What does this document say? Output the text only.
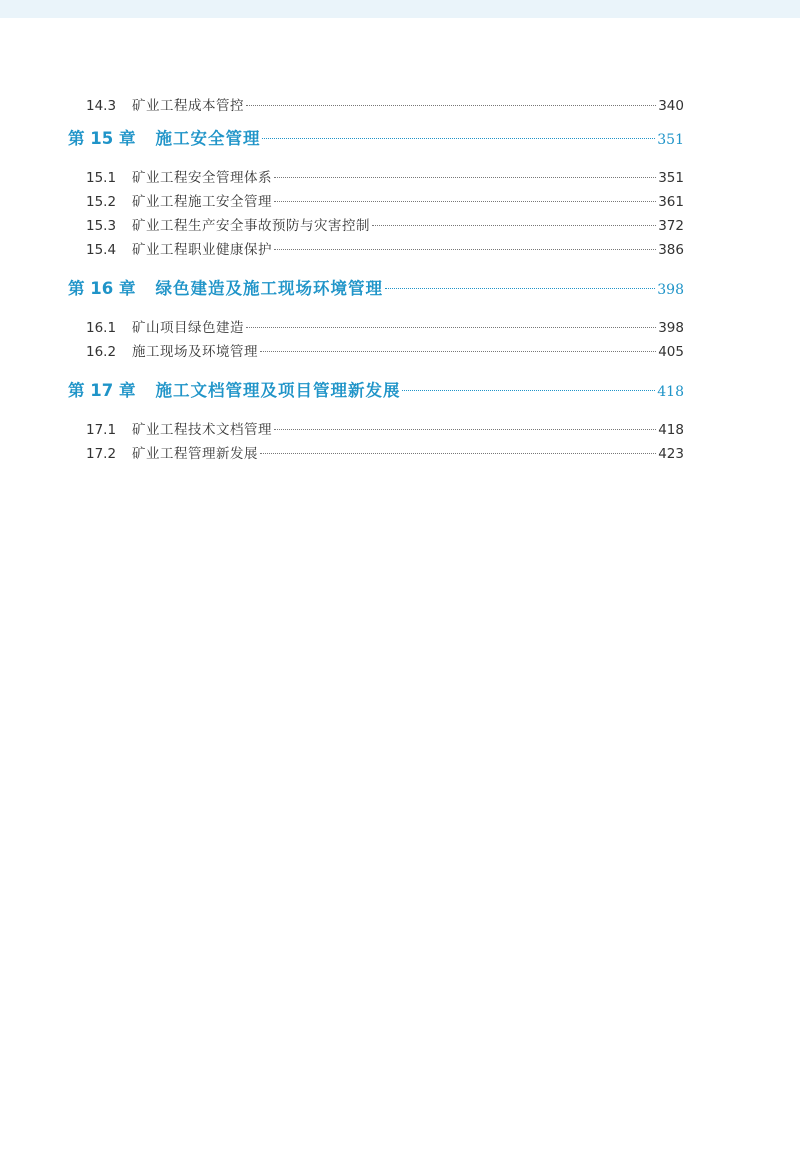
14.3	矿业工程成本管控	340
第 15 章 施工安全管理	351
15.1	矿业工程安全管理体系	351
15.2	矿业工程施工安全管理	361
15.3	矿业工程生产安全事故预防与灾害控制	372
15.4	矿业工程职业健康保护	386
第 16 章 绿色建造及施工现场环境管理	398
16.1	矿山项目绿色建造	398
16.2	施工现场及环境管理	405
第 17 章 施工文档管理及项目管理新发展	418
17.1	矿业工程技术文档管理	418
17.2	矿业工程管理新发展	423
